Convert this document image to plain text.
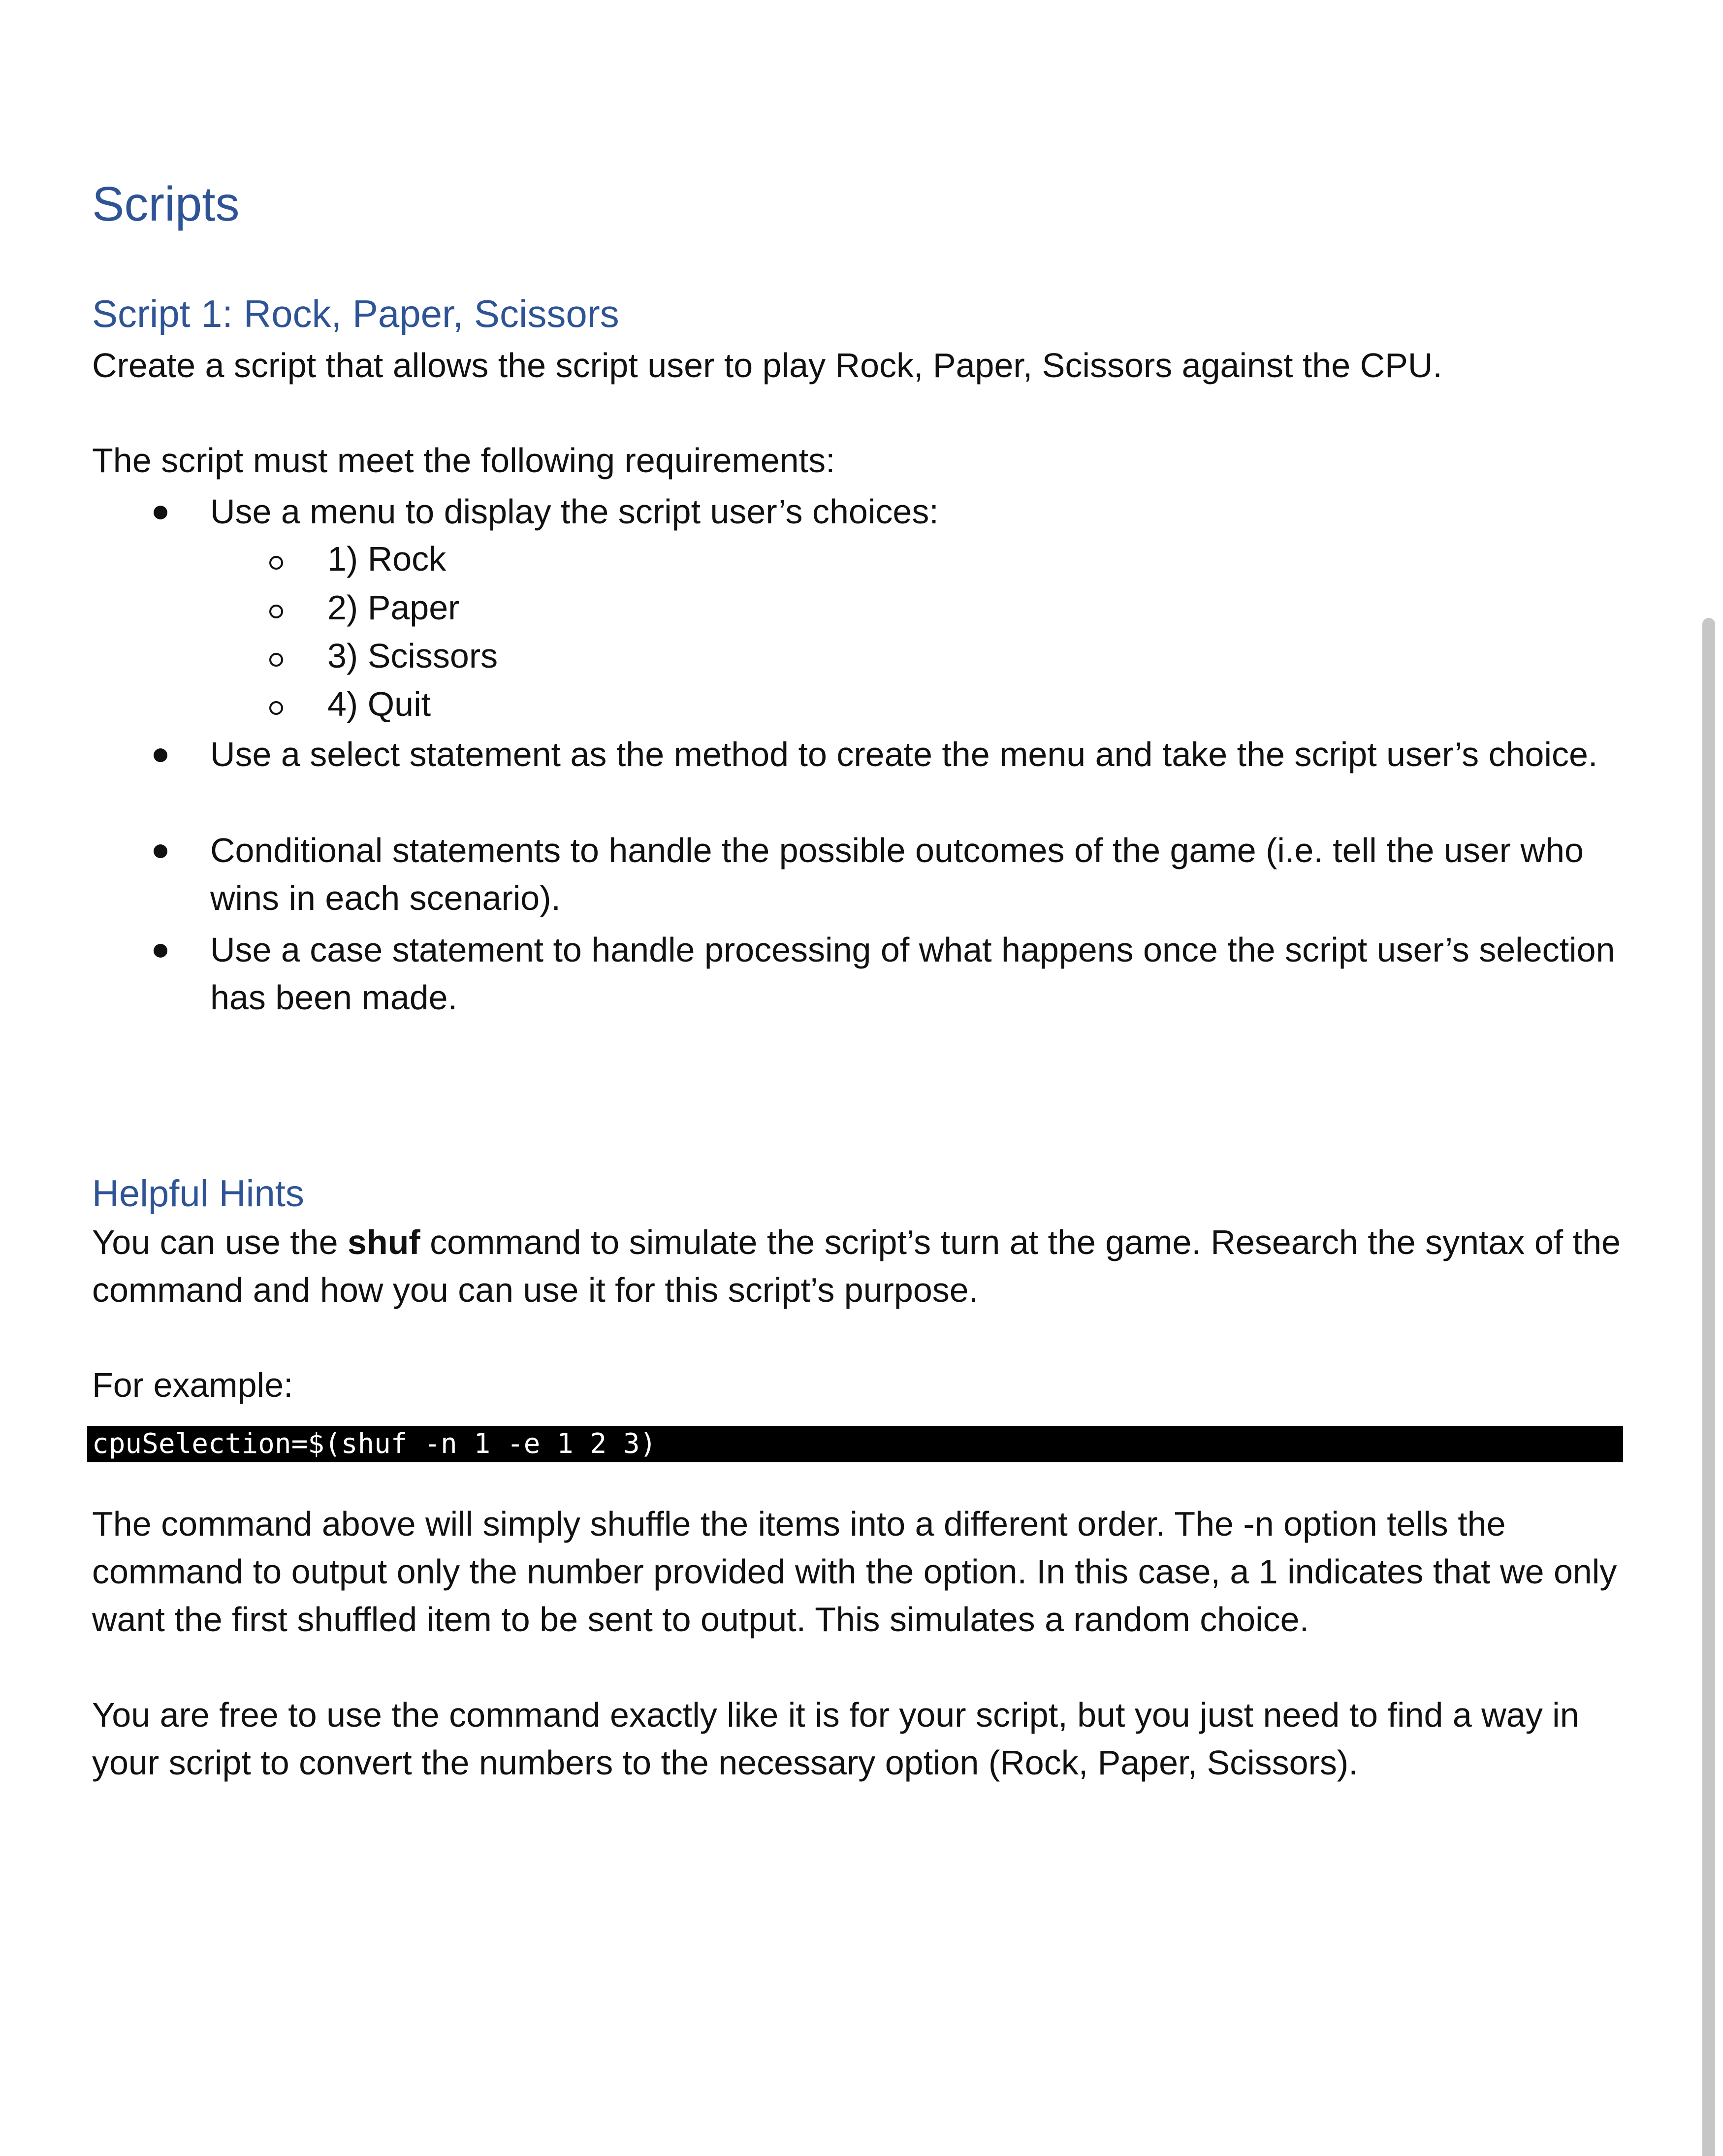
Scripts
Script 1: Rock, Paper, Scissors

Create a script that allows the script user to play Rock, Paper, Scissors against the CPU.

The script must meet the following requirements:

Use a menu to display the script user’s choices:
1) Rock
2) Paper
3) Scissors
4) Quit
Use a select statement as the method to create the menu and take the script user’s choice.
Conditional statements to handle the possible outcomes of the game (i.e. tell the user who wins in each scenario).
Use a case statement to handle processing of what happens once the script user’s selection has been made.
Helpful Hints

You can use the shuf command to simulate the script’s turn at the game. Research the syntax of the command and how you can use it for this script’s purpose.

For example:

cpuSelection=$(shuf -n 1 -e 1 2 3)

The command above will simply shuffle the items into a different order. The -n option tells the command to output only the number provided with the option. In this case, a 1 indicates that we only want the first shuffled item to be sent to output. This simulates a random choice.

You are free to use the command exactly like it is for your script, but you just need to find a way in your script to convert the numbers to the necessary option (Rock, Paper, Scissors).
